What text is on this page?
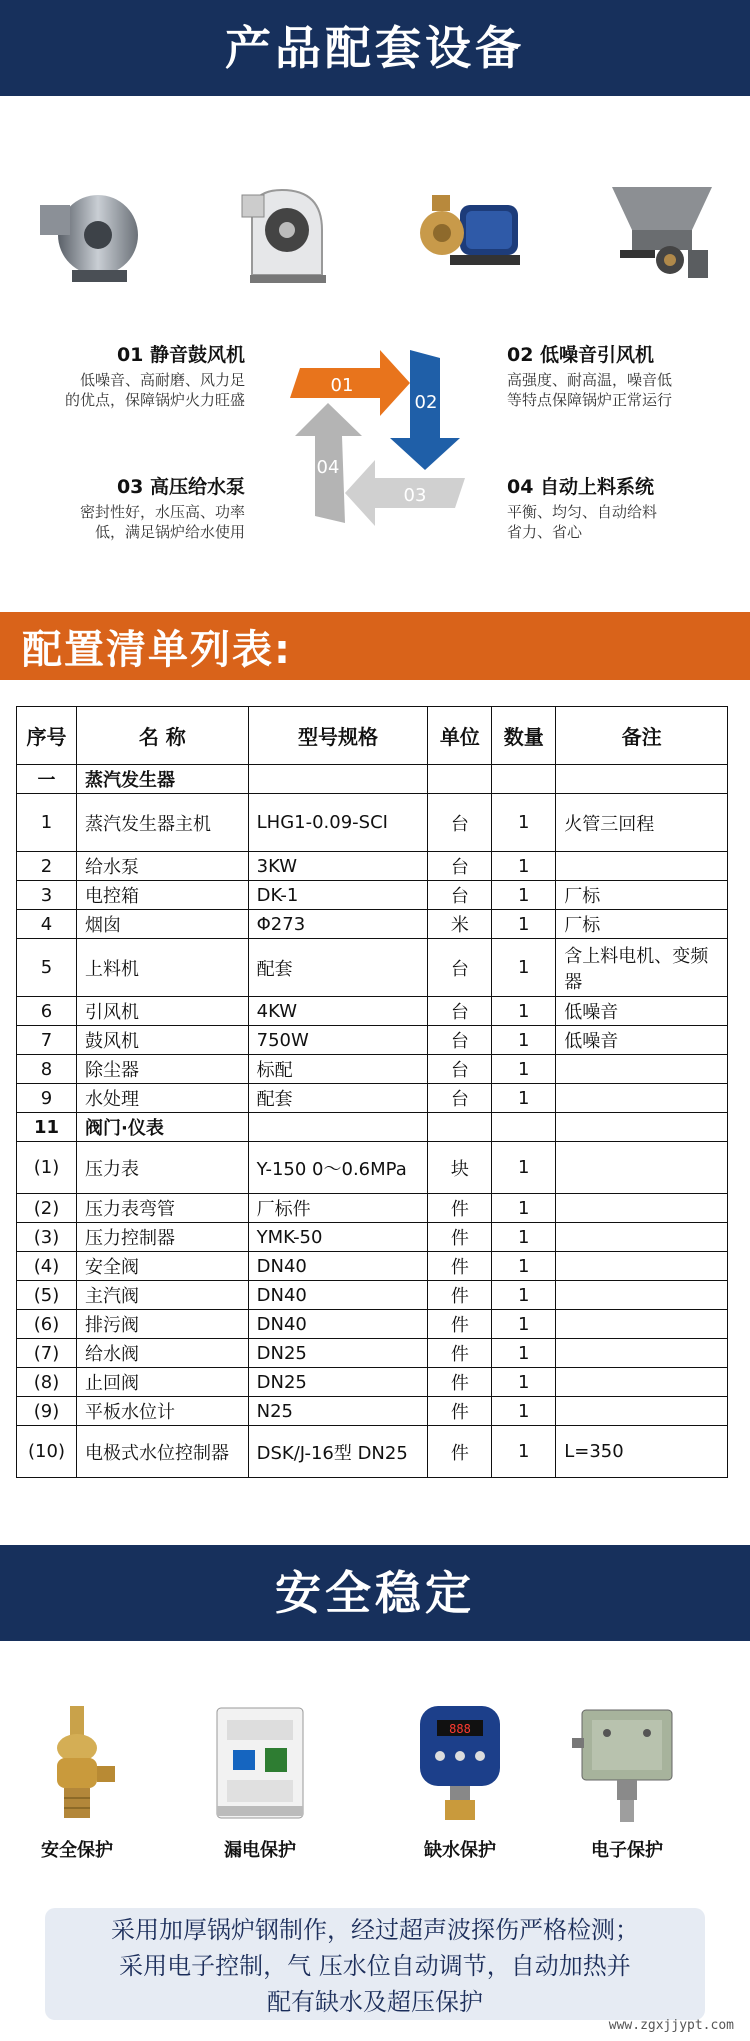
产品配套设备
01 静音鼓风机
低噪音、高耐磨、风力足
的优点，保障锅炉火力旺盛
02 低噪音引风机
高强度、耐高温，噪音低
等特点保障锅炉正常运行
03 高压给水泵
密封性好，水压高、功率
低，满足锅炉给水使用
04 自动上料系统
平衡、均匀、自动给料
省力、省心
01
02
03
04
配置清单列表:
序号	名 称	型号规格	单位	数量	备注
一	蒸汽发生器				
1	蒸汽发生器主机	LHG1-0.09-SCI	台	1	火管三回程
2	给水泵	3KW	台	1	
3	电控箱	DK-1	台	1	厂标
4	烟囱	Φ273	米	1	厂标
5	上料机	配套	台	1	含上料电机、变频器
6	引风机	4KW	台	1	低噪音
7	鼓风机	750W	台	1	低噪音
8	除尘器	标配	台	1	
9	水处理	配套	台	1	
11	阀门·仪表				
(1)	压力表	Y-150 0～0.6MPa	块	1	
(2)	压力表弯管	厂标件	件	1	
(3)	压力控制器	YMK-50	件	1	
(4)	安全阀	DN40	件	1	
(5)	主汽阀	DN40	件	1	
(6)	排污阀	DN40	件	1	
(7)	给水阀	DN25	件	1	
(8)	止回阀	DN25	件	1	
(9)	平板水位计	N25	件	1	
(10)	电极式水位控制器	DSK/J-16型 DN25	件	1	L=350
安全稳定
888
安全保护	漏电保护	缺水保护	电子保护
采用加厚锅炉钢制作，经过超声波探伤严格检测；
采用电子控制，气 压水位自动调节，自动加热并
配有缺水及超压保护
www.zgxjjypt.com
